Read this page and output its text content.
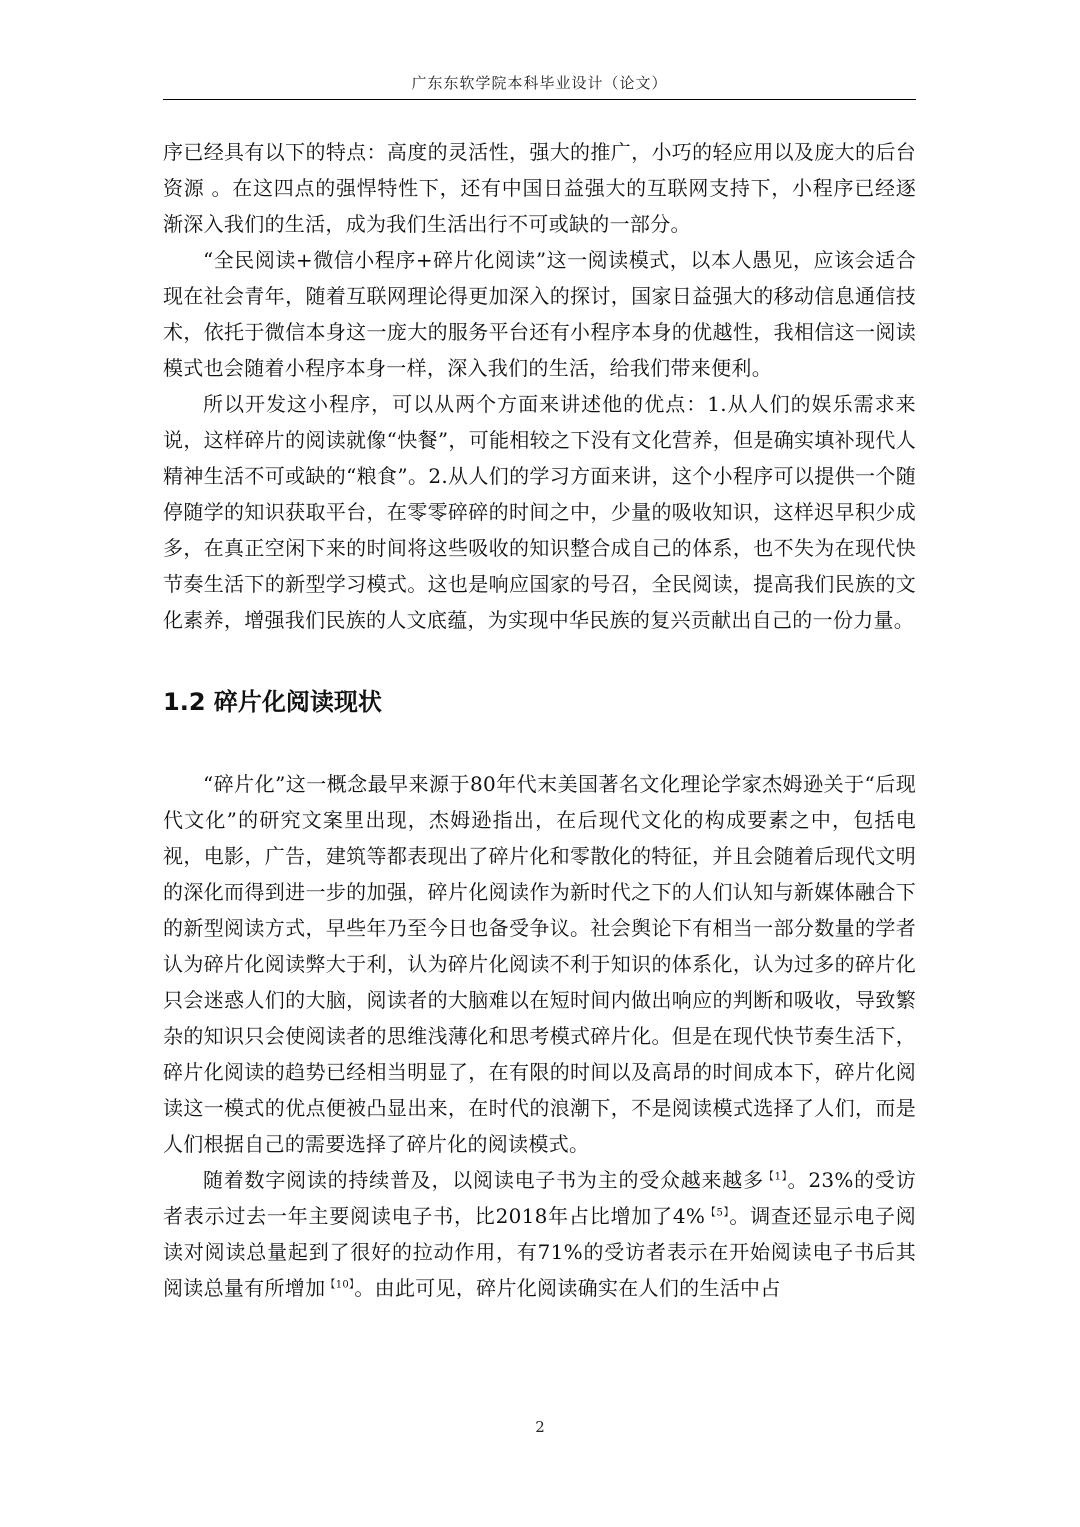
广东东软学院本科毕业设计（论文）

序已经具有以下的特点：高度的灵活性，强大的推广，小巧的轻应用以及庞大的后台资源 。在这四点的强悍特性下，还有中国日益强大的互联网支持下，小程序已经逐渐深入我们的生活，成为我们生活出行不可或缺的一部分。

“全民阅读+微信小程序+碎片化阅读”这一阅读模式，以本人愚见，应该会适合现在社会青年，随着互联网理论得更加深入的探讨，国家日益强大的移动信息通信技术，依托于微信本身这一庞大的服务平台还有小程序本身的优越性，我相信这一阅读模式也会随着小程序本身一样，深入我们的生活，给我们带来便利。

所以开发这小程序，可以从两个方面来讲述他的优点：1.从人们的娱乐需求来说，这样碎片的阅读就像“快餐”，可能相较之下没有文化营养，但是确实填补现代人精神生活不可或缺的“粮食”。2.从人们的学习方面来讲，这个小程序可以提供一个随停随学的知识获取平台，在零零碎碎的时间之中，少量的吸收知识，这样迟早积少成多，在真正空闲下来的时间将这些吸收的知识整合成自己的体系，也不失为在现代快节奏生活下的新型学习模式。这也是响应国家的号召，全民阅读，提高我们民族的文化素养，增强我们民族的人文底蕴，为实现中华民族的复兴贡献出自己的一份力量。

1.2 碎片化阅读现状

“碎片化”这一概念最早来源于80年代末美国著名文化理论学家杰姆逊关于“后现代文化”的研究文案里出现，杰姆逊指出，在后现代文化的构成要素之中，包括电视，电影，广告，建筑等都表现出了碎片化和零散化的特征，并且会随着后现代文明的深化而得到进一步的加强，碎片化阅读作为新时代之下的人们认知与新媒体融合下的新型阅读方式，早些年乃至今日也备受争议。社会舆论下有相当一部分数量的学者认为碎片化阅读弊大于利，认为碎片化阅读不利于知识的体系化，认为过多的碎片化只会迷惑人们的大脑，阅读者的大脑难以在短时间内做出响应的判断和吸收，导致繁杂的知识只会使阅读者的思维浅薄化和思考模式碎片化。但是在现代快节奏生活下，碎片化阅读的趋势已经相当明显了，在有限的时间以及高昂的时间成本下，碎片化阅读这一模式的优点便被凸显出来，在时代的浪潮下，不是阅读模式选择了人们，而是人们根据自己的需要选择了碎片化的阅读模式。

随着数字阅读的持续普及，以阅读电子书为主的受众越来越多$^{【1】}$。23%的受访者表示过去一年主要阅读电子书，比2018年占比增加了4%$^{【5】}$。调查还显示电子阅读对阅读总量起到了很好的拉动作用，有71%的受访者表示在开始阅读电子书后其阅读总量有所增加$^{【10】}$。由此可见，碎片化阅读确实在人们的生活中占

2
